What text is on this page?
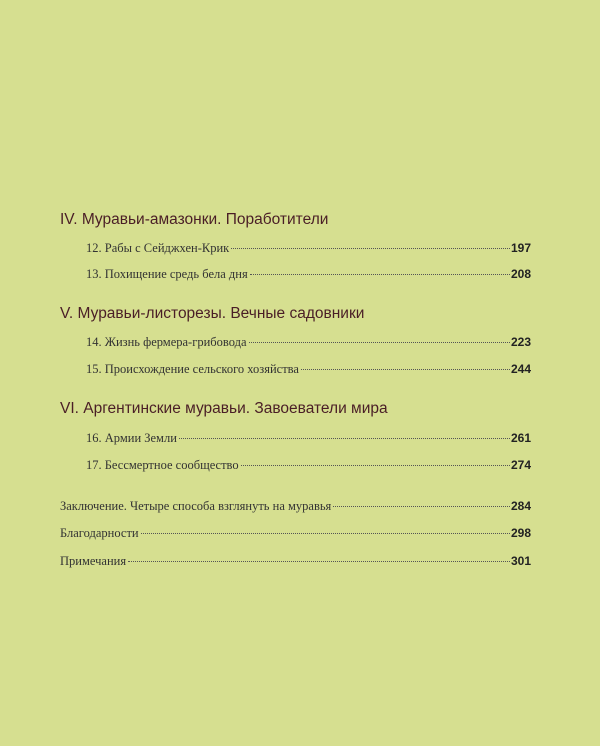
IV. Муравьи-амазонки. Поработители
12. Рабы с Сейджхен-Крик	197
13. Похищение средь бела дня	208
V. Муравьи-листорезы. Вечные садовники
14. Жизнь фермера-грибовода	223
15. Происхождение сельского хозяйства	244
VI. Аргентинские муравьи. Завоеватели мира
16. Армии Земли	261
17. Бессмертное сообщество	274
Заключение. Четыре способа взглянуть на муравья	284
Благодарности	298
Примечания	301
